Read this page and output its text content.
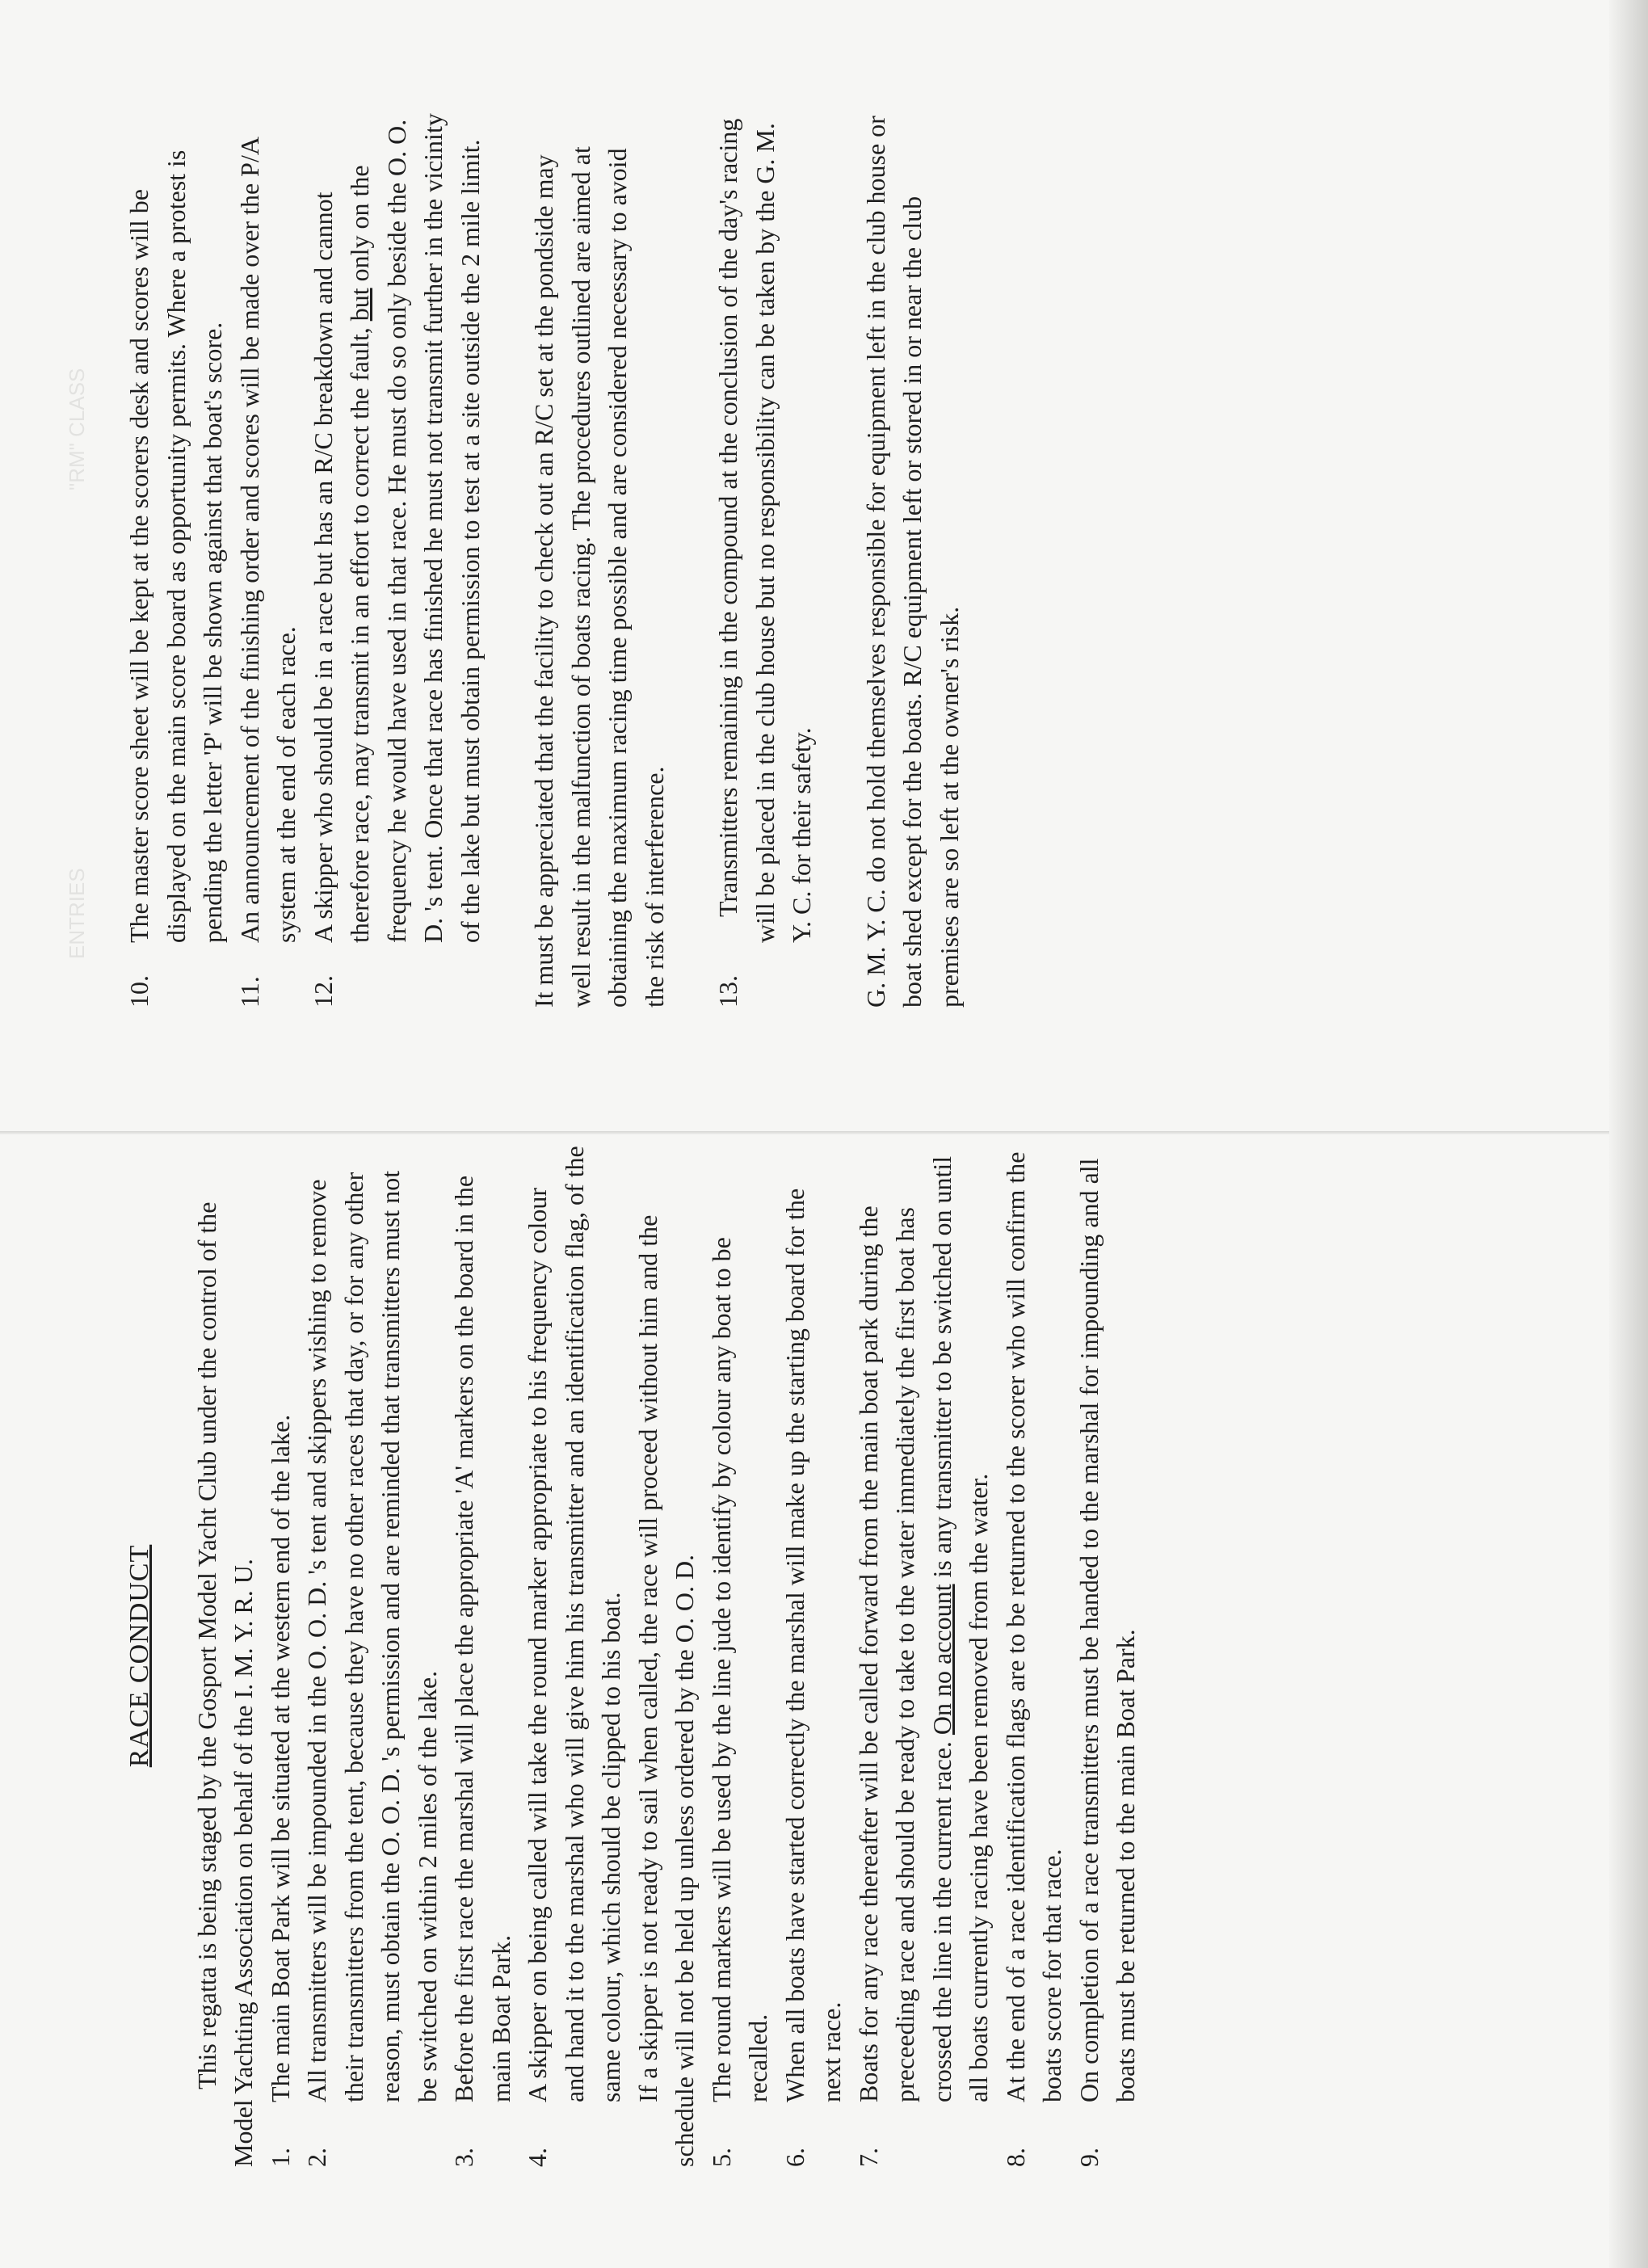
ENTRIES
"RM" CLASS
RACE CONDUCT This regatta is being staged by the Gosport Model Yacht Club under the control of the Model Yachting Association on behalf of the I. M. Y. R. U. 1.
The main Boat Park will be situated at the western end of the lake.
2.
All transmitters will be impounded in the O. O. D. 's tent and skippers wishing to remove their transmitters from the tent, because they have no other races that day, or for any other reason, must obtain the O. O. D. 's permission and are reminded that transmitters must not be switched on within 2 miles of the lake.
3.
Before the first race the marshal will place the appropriate 'A' markers on the board in the main Boat Park.
4.
A skipper on being called will take the round marker appropriate to his frequency colour and hand it to the marshal who will give him his transmitter and an identification flag, of the same colour, which should be clipped to his boat. If a skipper is not ready to sail when called, the race will proceed without him and the schedule will not be held up unless ordered by the O. O. D. 5.
The round markers will be used by the line jude to identify by colour any boat to be recalled.
6.
When all boats have started correctly the marshal will make up the starting board for the next race.
7.
Boats for any race thereafter will be called forward from the main boat park during the preceeding race and should be ready to take to the water immediately the first boat has crossed the line in the current race. On no account is any transmitter to be switched on until all boats currently racing have been removed from the water.
8.
At the end of a race identification flags are to be returned to the scorer who will confirm the boats score for that race.
9.
On completion of a race transmitters must be handed to the marshal for impounding and all boats must be returned to the main Boat Park.
10.
The master score sheet will be kept at the scorers desk and scores will be displayed on the main score board as opportunity permits. Where a protest is pending the letter 'P' will be shown against that boat's score.
11.
An announcement of the finishing order and scores will be made over the P/A system at the end of each race.
12.
A skipper who should be in a race but has an R/C breakdown and cannot therefore race, may transmit in an effort to correct the fault, but only on the frequency he would have used in that race. He must do so only beside the O. O. D. 's tent. Once that race has finished he must not transmit further in the vicinity of the lake but must obtain permission to test at a site outside the 2 mile limit. It must be appreciated that the facility to check out an R/C set at the pondside may well result in the malfunction of boats racing. The procedures outlined are aimed at obtaining the maximum racing time possible and are considered necessary to avoid the risk of interference. 13.
Transmitters remaining in the compound at the conclusion of the day's racing will be placed in the club house but no responsibility can be taken by the G. M. Y. C. for their safety. G. M. Y. C. do not hold themselves responsible for equipment left in the club house or boat shed except for the boats. R/C equipment left or stored in or near the club premises are so left at the owner's risk.
